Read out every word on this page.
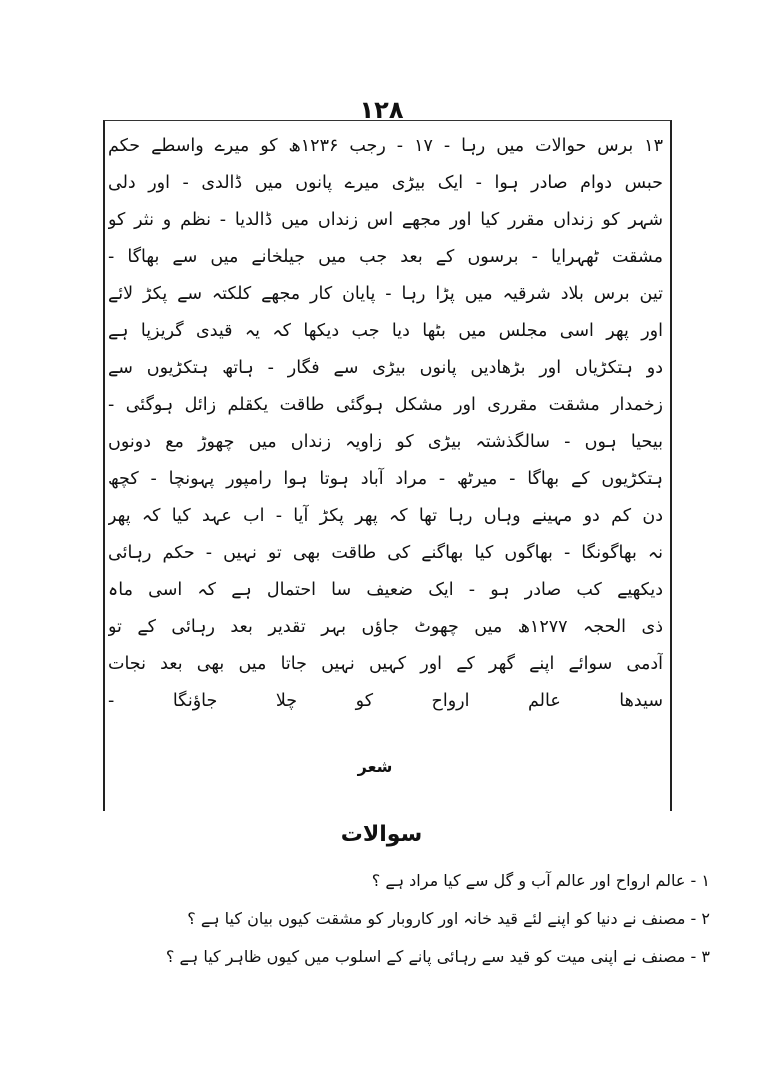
۱۲۸
۱۳ برس حوالات میں رہا - ۱۷ - رجب ۱۲۳۶ھ کو میرے واسطے حکم
حبس دوام صادر ہوا - ایک بیڑی میرے پانوں میں ڈالدی - اور دلی
شہر کو زنداں مقرر کیا اور مجھے اس زنداں میں ڈالدیا - نظم و نثر کو
مشقت ٹھہرایا - برسوں کے بعد جب میں جیلخانے میں سے بھاگا -
تین برس بلاد شرقیہ میں پڑا رہا - پایان کار مجھے کلکتہ سے پکڑ لائے
اور پھر اسی مجلس میں بٹھا دیا جب دیکھا کہ یہ قیدی گریزپا ہے
دو ہتکڑیاں اور بڑھادیں پانوں بیڑی سے فگار - ہاتھ ہتکڑیوں سے
زخمدار مشقت مقرری اور مشکل ہوگئی طاقت یکقلم زائل ہوگئی -
بیحیا ہوں - سالگذشتہ بیڑی کو زاویہ زنداں میں چھوڑ مع دونوں
ہتکڑیوں کے بھاگا - میرٹھ - مراد آباد ہوتا ہوا رامپور پہونچا - کچھ
دن کم دو مہینے وہاں رہا تھا کہ پھر پکڑ آیا - اب عہد کیا کہ پھر
نہ بھاگونگا - بھاگوں کیا بھاگنے کی طاقت بھی تو نہیں - حکم رہائی
دیکھیے کب صادر ہو - ایک ضعیف سا احتمال ہے کہ اسی ماہ
ذی الحجہ ۱۲۷۷ھ میں چھوٹ جاؤں بہر تقدیر بعد رہائی کے تو
آدمی سوائے اپنے گھر کے اور کہیں نہیں جاتا میں بھی بعد نجات
سیدھا عالم ارواح کو چلا جاؤنگا -
شعر
سوالات
۱ - عالم ارواح اور عالم آب و گل سے کیا مراد ہے ؟
۲ - مصنف نے دنیا کو اپنے لئے قید خانہ اور کاروبار کو مشقت کیوں بیان کیا ہے ؟
۳ - مصنف نے اپنی میت کو قید سے رہائی پانے کے اسلوب میں کیوں ظاہر کیا ہے ؟
